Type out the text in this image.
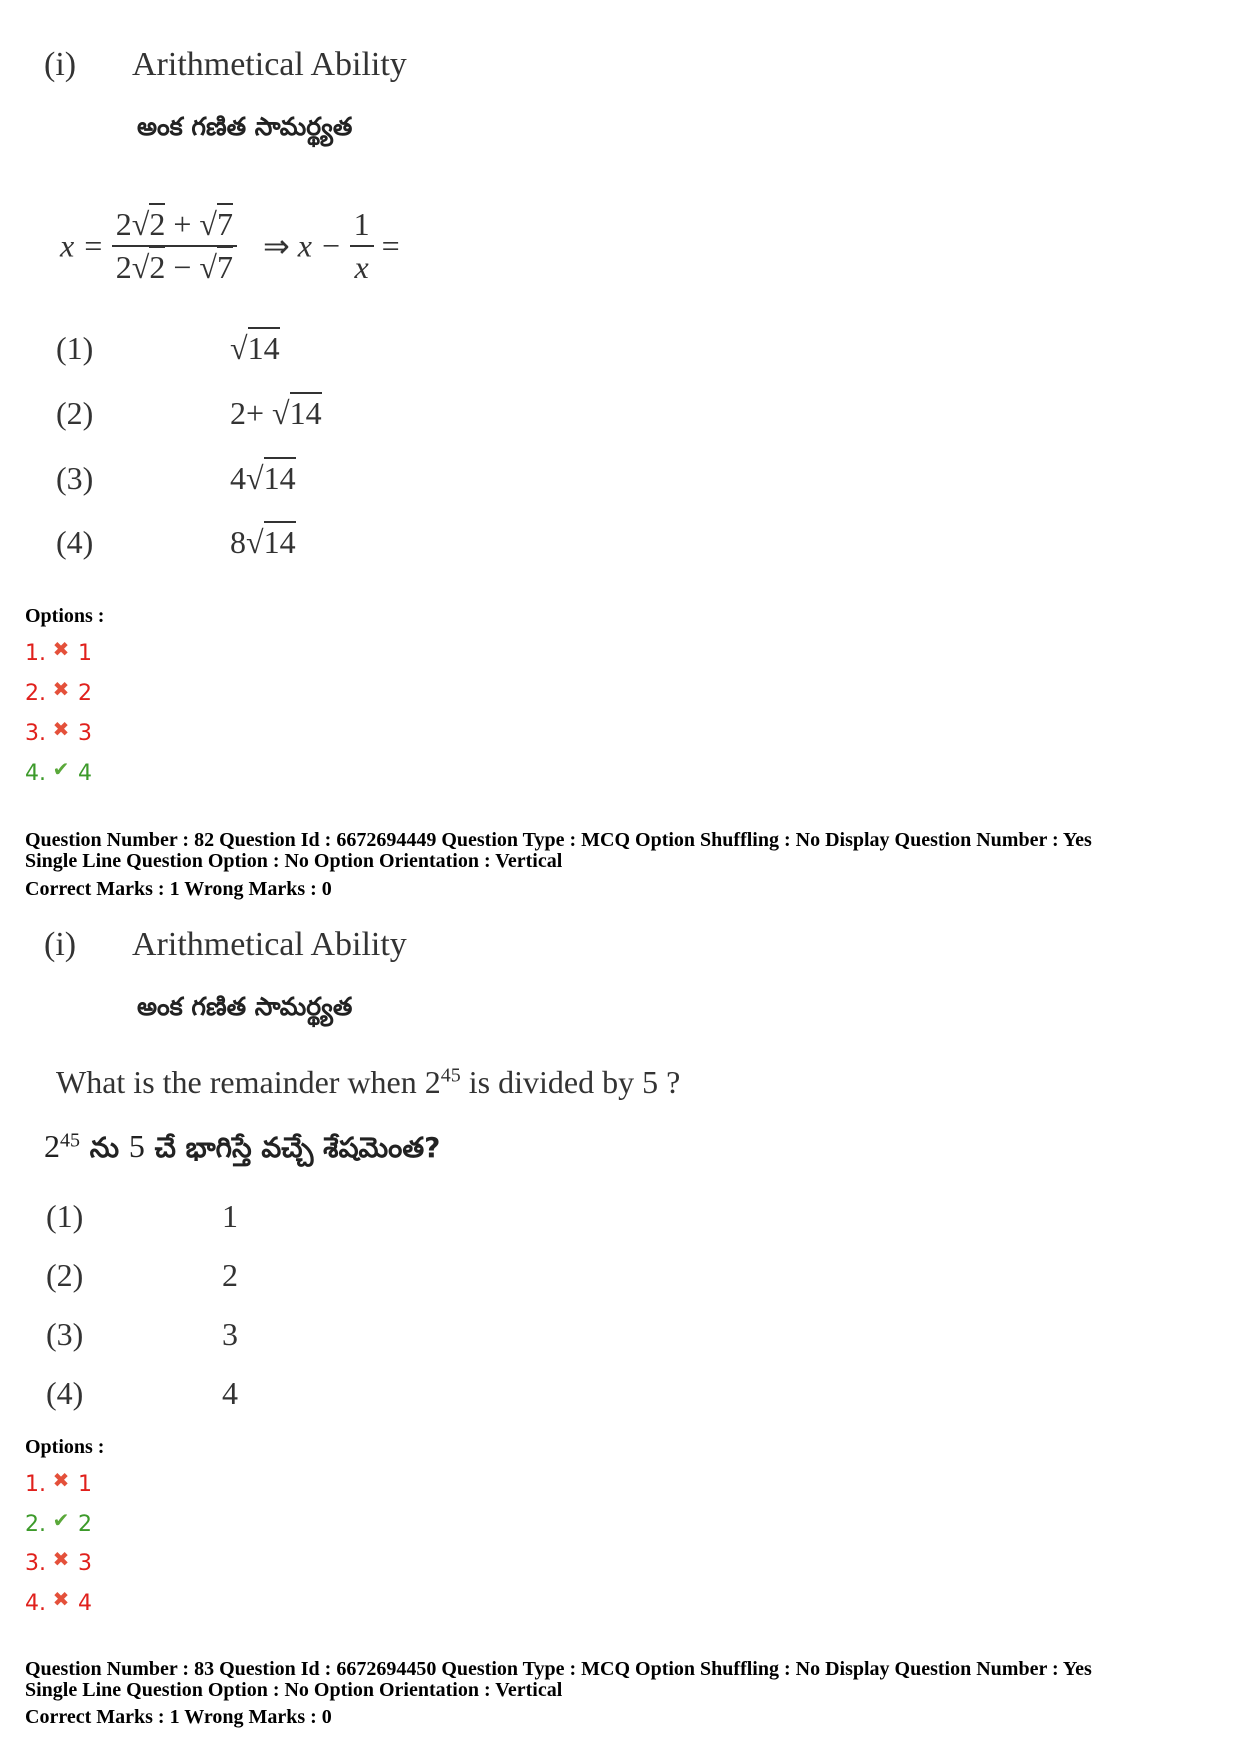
(i) Arithmetical Ability
అంక గణిత సామర్థ్యత
$x = \frac{2√2 + √7}{2√2 - √7}$ ⇒ $x - \frac{1}{x}$ =
(1)	√14
(2)	2+ √14
(3)	4√14
(4)	8√14
Options :
1. ✖ 1
2. ✖ 2
3. ✖ 3
4. ✔ 4
Question Number : 82 Question Id : 6672694449 Question Type : MCQ Option Shuffling : No Display Question Number : Yes
Single Line Question Option : No Option Orientation : Vertical
Correct Marks : 1 Wrong Marks : 0
(i) Arithmetical Ability
అంక గణిత సామర్థ్యత
What is the remainder when $2^{45}$ is divided by 5 ?
$2^{45}$ ను 5 చే భాగిస్తే వచ్చే శేషమెంత?
(1)	1
(2)	2
(3)	3
(4)	4
Options :
1. ✖ 1
2. ✔ 2
3. ✖ 3
4. ✖ 4
Question Number : 83 Question Id : 6672694450 Question Type : MCQ Option Shuffling : No Display Question Number : Yes
Single Line Question Option : No Option Orientation : Vertical
Correct Marks : 1 Wrong Marks : 0
